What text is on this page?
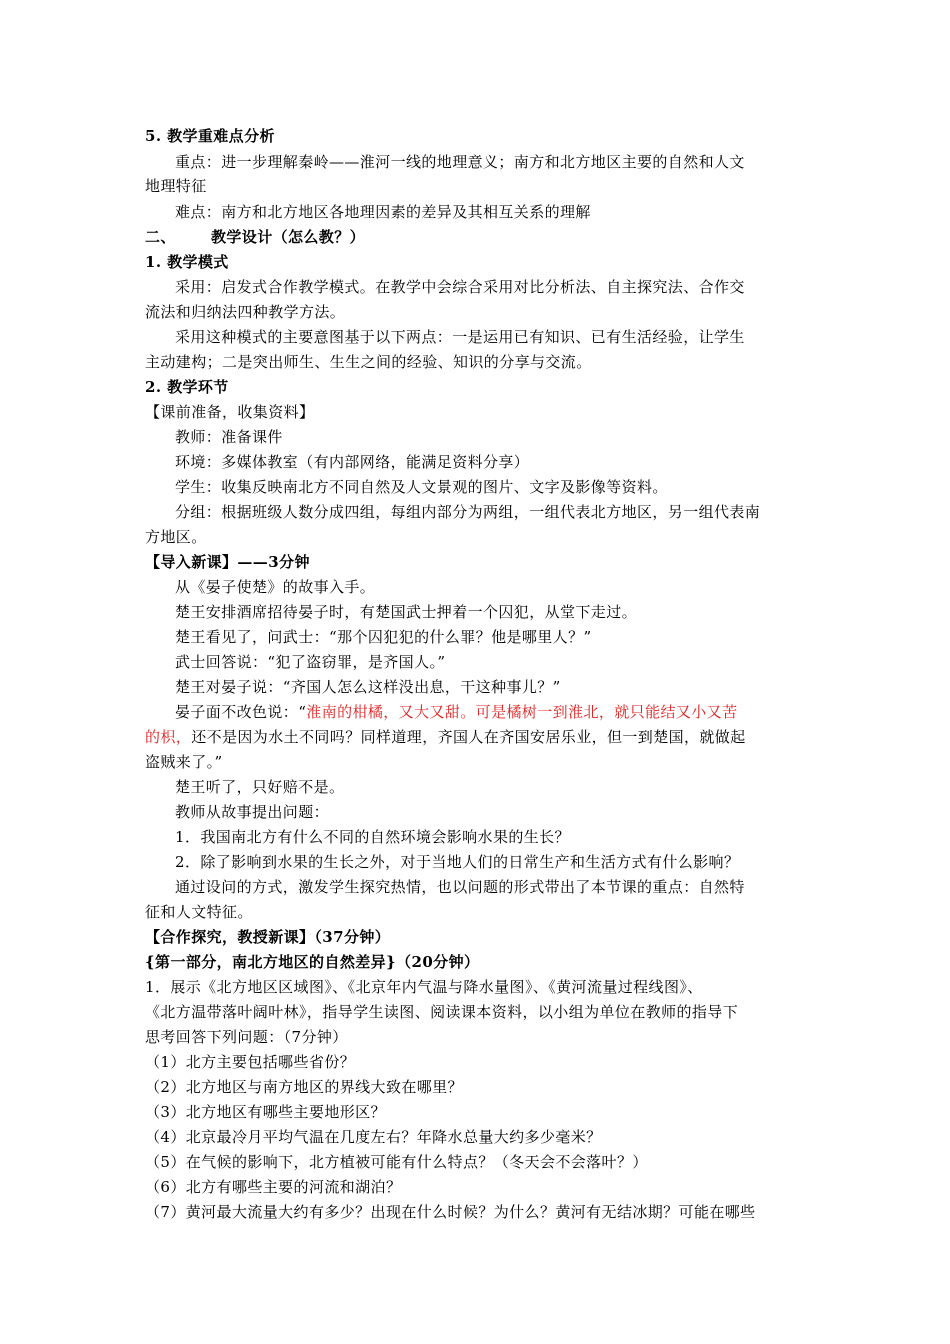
5. 教学重难点分析
重点：进一步理解秦岭——淮河一线的地理意义；南方和北方地区主要的自然和人文
地理特征
难点：南方和北方地区各地理因素的差异及其相互关系的理解
二、 教学设计（怎么教？）
1. 教学模式
采用：启发式合作教学模式。在教学中会综合采用对比分析法、自主探究法、合作交
流法和归纳法四种教学方法。
采用这种模式的主要意图基于以下两点：一是运用已有知识、已有生活经验，让学生
主动建构；二是突出师生、生生之间的经验、知识的分享与交流。
2. 教学环节
【课前准备，收集资料】
教师：准备课件
环境：多媒体教室（有内部网络，能满足资料分享）
学生：收集反映南北方不同自然及人文景观的图片、文字及影像等资料。
分组：根据班级人数分成四组，每组内部分为两组，一组代表北方地区，另一组代表南
方地区。
【导入新课】——3分钟
从《晏子使楚》的故事入手。
楚王安排酒席招待晏子时，有楚国武士押着一个囚犯，从堂下走过。
楚王看见了，问武士：“那个囚犯犯的什么罪？他是哪里人？”
武士回答说：“犯了盗窃罪，是齐国人。”
楚王对晏子说：“齐国人怎么这样没出息，干这种事儿？”
晏子面不改色说：“淮南的柑橘，又大又甜。可是橘树一到淮北，就只能结又小又苦
的枳，还不是因为水土不同吗？同样道理，齐国人在齐国安居乐业，但一到楚国，就做起
盗贼来了。”
楚王听了，只好赔不是。
教师从故事提出问题：
1．我国南北方有什么不同的自然环境会影响水果的生长？
2．除了影响到水果的生长之外，对于当地人们的日常生产和生活方式有什么影响？
通过设问的方式，激发学生探究热情，也以问题的形式带出了本节课的重点：自然特
征和人文特征。
【合作探究，教授新课】（37分钟）
{第一部分，南北方地区的自然差异}（20分钟）
1．展示《北方地区区域图》、《北京年内气温与降水量图》、《黄河流量过程线图》、
《北方温带落叶阔叶林》，指导学生读图、阅读课本资料，以小组为单位在教师的指导下
思考回答下列问题：（7分钟）
（1）北方主要包括哪些省份？
（2）北方地区与南方地区的界线大致在哪里？
（3）北方地区有哪些主要地形区？
（4）北京最冷月平均气温在几度左右？年降水总量大约多少毫米？
（5）在气候的影响下，北方植被可能有什么特点？（冬天会不会落叶？）
（6）北方有哪些主要的河流和湖泊？
（7）黄河最大流量大约有多少？出现在什么时候？为什么？黄河有无结冰期？可能在哪些
